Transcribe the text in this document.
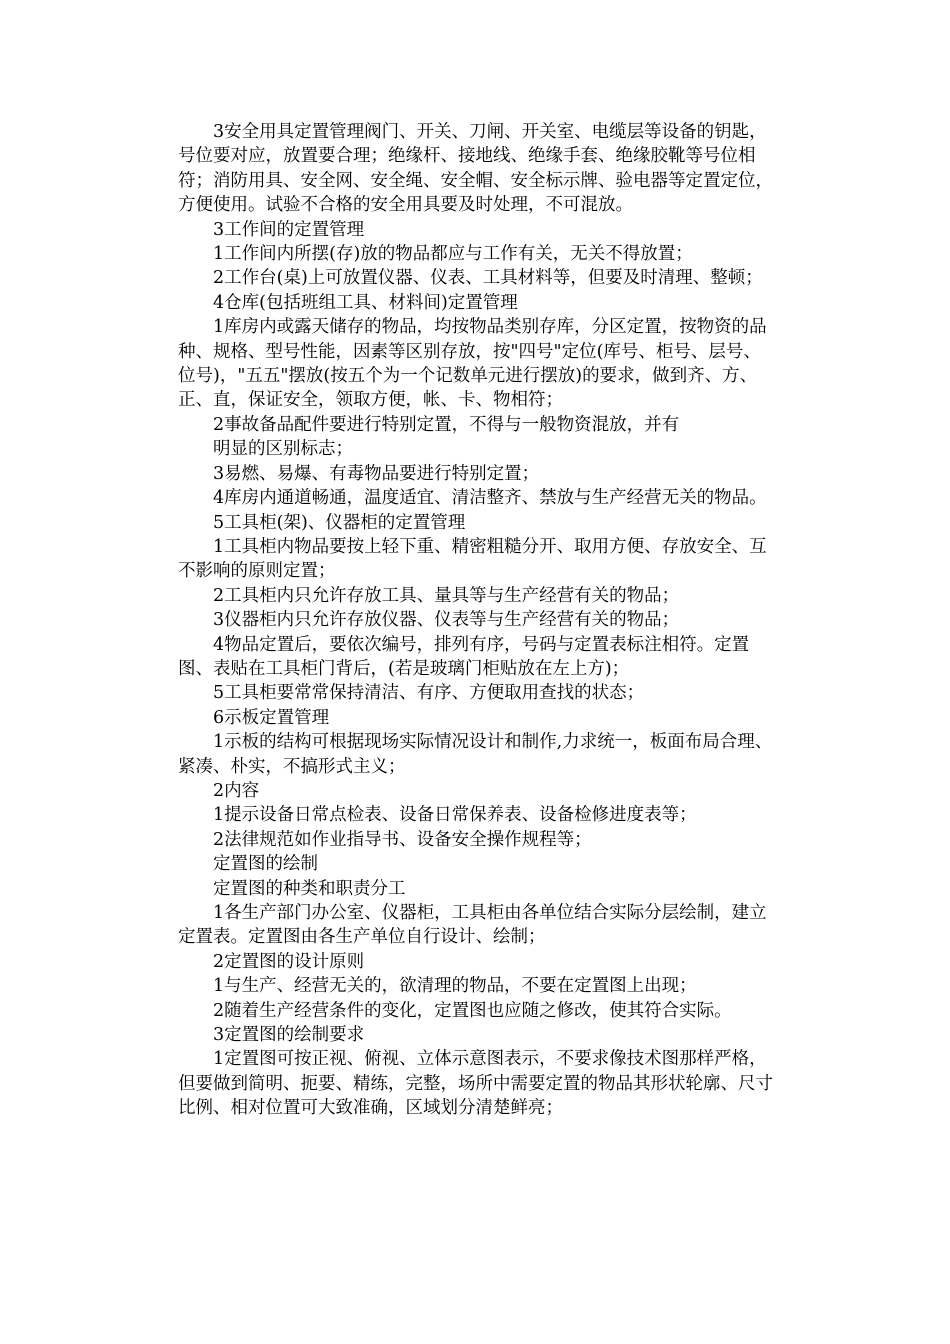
3安全用具定置管理阀门、开关、刀闸、开关室、电缆层等设备的钥匙，号位要对应，放置要合理；绝缘杆、接地线、绝缘手套、绝缘胶靴等号位相符；消防用具、安全网、安全绳、安全帽、安全标示牌、验电器等定置定位，方便使用。试验不合格的安全用具要及时处理，不可混放。

3工作间的定置管理

1工作间内所摆(存)放的物品都应与工作有关，无关不得放置；

2工作台(桌)上可放置仪器、仪表、工具材料等，但要及时清理、整顿；

4仓库(包括班组工具、材料间)定置管理

1库房内或露天储存的物品，均按物品类别存库，分区定置，按物资的品种、规格、型号性能，因素等区别存放，按"四号"定位(库号、柜号、层号、位号)，"五五"摆放(按五个为一个记数单元进行摆放)的要求，做到齐、方、正、直，保证安全，领取方便，帐、卡、物相符；

2事故备品配件要进行特别定置，不得与一般物资混放，并有

明显的区别标志；

3易燃、易爆、有毒物品要进行特别定置；

4库房内通道畅通，温度适宜、清洁整齐、禁放与生产经营无关的物品。

5工具柜(架)、仪器柜的定置管理

1工具柜内物品要按上轻下重、精密粗糙分开、取用方便、存放安全、互不影响的原则定置；

2工具柜内只允许存放工具、量具等与生产经营有关的物品；

3仪器柜内只允许存放仪器、仪表等与生产经营有关的物品；

4物品定置后，要依次编号，排列有序，号码与定置表标注相符。定置图、表贴在工具柜门背后，(若是玻璃门柜贴放在左上方)；

5工具柜要常常保持清洁、有序、方便取用查找的状态；

6示板定置管理

1示板的结构可根据现场实际情况设计和制作,力求统一，板面布局合理、紧凑、朴实，不搞形式主义；

2内容

1提示设备日常点检表、设备日常保养表、设备检修进度表等；

2法律规范如作业指导书、设备安全操作规程等；

定置图的绘制

定置图的种类和职责分工

1各生产部门办公室、仪器柜，工具柜由各单位结合实际分层绘制，建立定置表。定置图由各生产单位自行设计、绘制；

2定置图的设计原则

1与生产、经营无关的，欲清理的物品，不要在定置图上出现；

2随着生产经营条件的变化，定置图也应随之修改，使其符合实际。

3定置图的绘制要求

1定置图可按正视、俯视、立体示意图表示，不要求像技术图那样严格，但要做到简明、扼要、精练，完整，场所中需要定置的物品其形状轮廓、尺寸比例、相对位置可大致准确，区域划分清楚鲜亮；
